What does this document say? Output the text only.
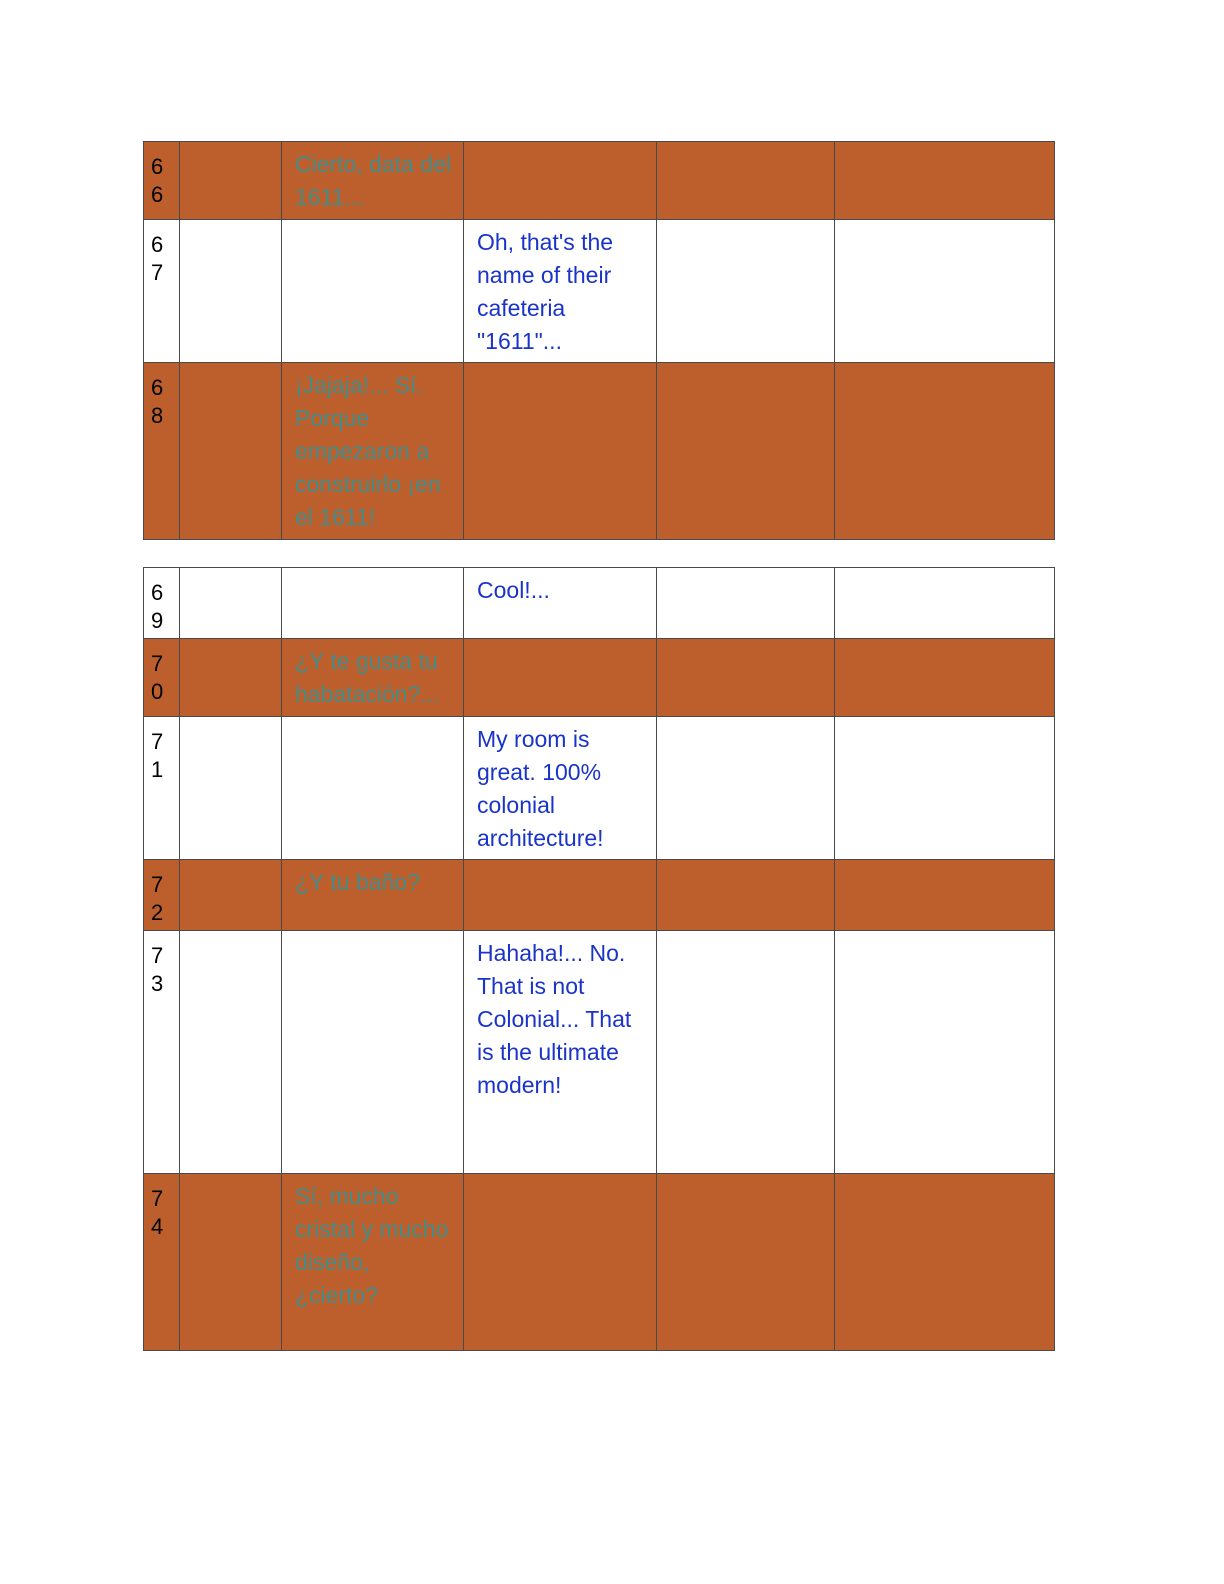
66		Cierto, data del 1611...			

67			Oh, that's the name of their cafeteria "1611"...		

68		¡Jajaja!... Sí. Porque empezaron a construirlo ¡en el 1611!			

69			Cool!...		

70		¿Y te gusta tu habatación?...			

71			My room is great. 100% colonial architecture!		

72		¿Y tu baño?			

73			Hahaha!... No. That is not Colonial... That is the ultimate modern!		

74		Sí, mucho cristal y mucho diseño, ¿cierto?			
